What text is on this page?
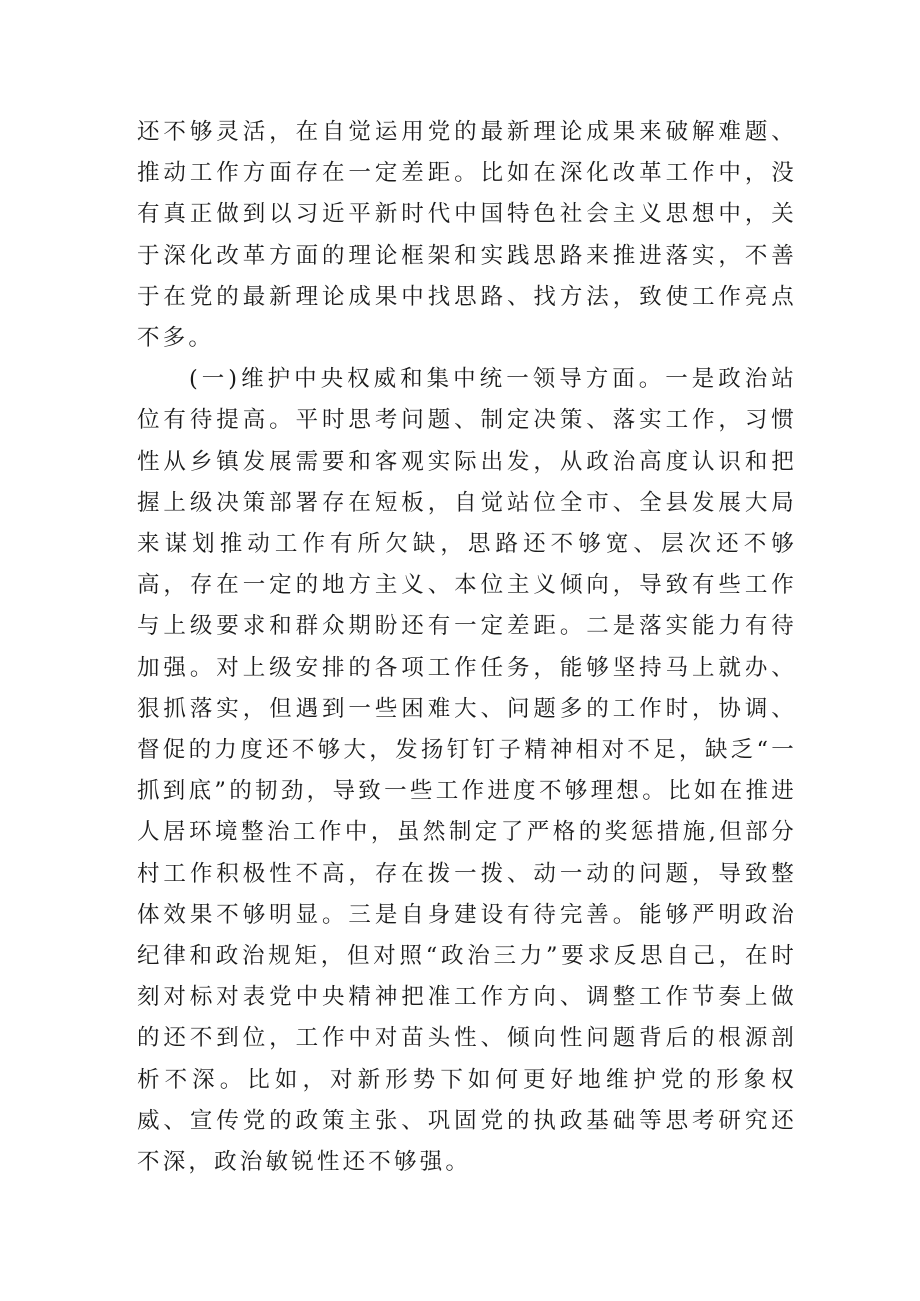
还不够灵活，在自觉运用党的最新理论成果来破解难题、推动工作方面存在一定差距。比如在深化改革工作中，没有真正做到以习近平新时代中国特色社会主义思想中，关于深化改革方面的理论框架和实践思路来推进落实，不善于在党的最新理论成果中找思路、找方法，致使工作亮点不多。

(一)维护中央权威和集中统一领导方面。一是政治站位有待提高。平时思考问题、制定决策、落实工作，习惯性从乡镇发展需要和客观实际出发，从政治高度认识和把握上级决策部署存在短板，自觉站位全市、全县发展大局来谋划推动工作有所欠缺，思路还不够宽、层次还不够高，存在一定的地方主义、本位主义倾向，导致有些工作与上级要求和群众期盼还有一定差距。二是落实能力有待加强。对上级安排的各项工作任务，能够坚持马上就办、狠抓落实，但遇到一些困难大、问题多的工作时，协调、督促的力度还不够大，发扬钉钉子精神相对不足，缺乏“一抓到底”的韧劲，导致一些工作进度不够理想。比如在推进人居环境整治工作中，虽然制定了严格的奖惩措施,但部分村工作积极性不高，存在拨一拨、动一动的问题，导致整体效果不够明显。三是自身建设有待完善。能够严明政治纪律和政治规矩，但对照“政治三力”要求反思自己，在时刻对标对表党中央精神把准工作方向、调整工作节奏上做的还不到位，工作中对苗头性、倾向性问题背后的根源剖析不深。比如，对新形势下如何更好地维护党的形象权威、宣传党的政策主张、巩固党的执政基础等思考研究还不深，政治敏锐性还不够强。
